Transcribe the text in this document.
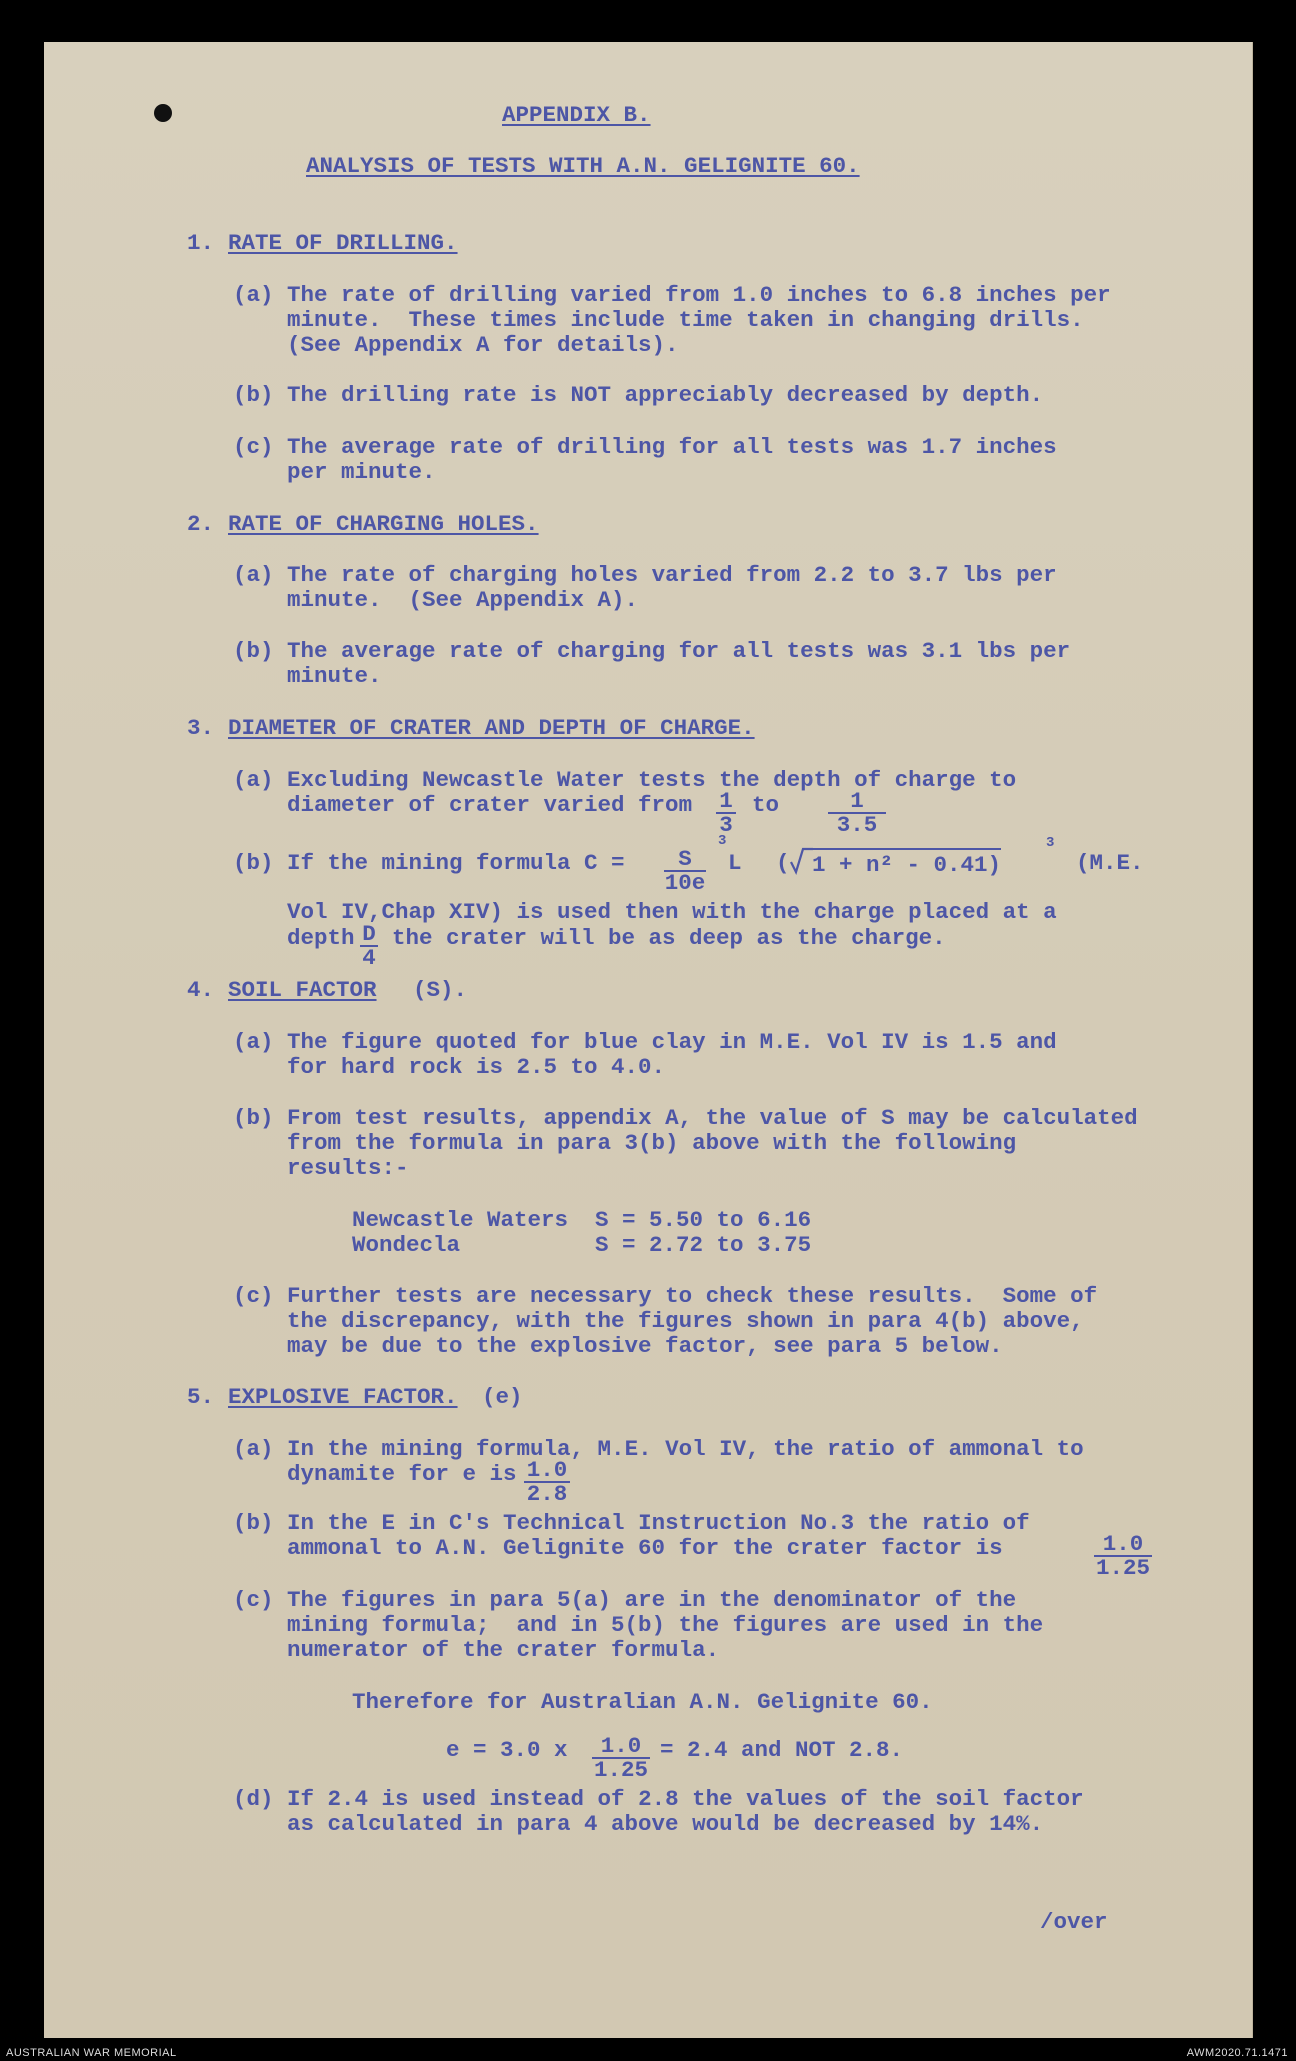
APPENDIX B.
ANALYSIS OF TESTS WITH A.N. GELIGNITE 60.
1. RATE OF DRILLING.
(a) The rate of drilling varied from 1.0 inches to 6.8 inches per
minute.  These times include time taken in changing drills.
(See Appendix A for details).
(b) The drilling rate is NOT appreciably decreased by depth.
(c) The average rate of drilling for all tests was 1.7 inches
per minute.
2. RATE OF CHARGING HOLES.
(a) The rate of charging holes varied from 2.2 to 3.7 lbs per
minute.  (See Appendix A).
(b) The average rate of charging for all tests was 3.1 lbs per
minute.
3. DIAMETER OF CRATER AND DEPTH OF CHARGE.
(a) Excluding Newcastle Water tests the depth of charge to
diameter of crater varied from $\frac{1}{3}$ to $\frac{1}{3.5}$
(b) If the mining formula $C = \frac{S}{10e}$
3
L ( 1 + n² - 0.41)
3
(M.E.
Vol IV,Chap XIV) is used then with the charge placed at a
depth $\frac{D}{4}$ the crater will be as deep as the charge.
4. SOIL FACTOR (S).
(a) The figure quoted for blue clay in M.E. Vol IV is 1.5 and
for hard rock is 2.5 to 4.0.
(b) From test results, appendix A, the value of S may be calculated
from the formula in para 3(b) above with the following
results:-
Newcastle Waters  S = 5.50 to 6.16
Wondecla          S = 2.72 to 3.75
(c) Further tests are necessary to check these results.  Some of
the discrepancy, with the figures shown in para 4(b) above,
may be due to the explosive factor, see para 5 below.
5. EXPLOSIVE FACTOR. (e)
(a) In the mining formula, M.E. Vol IV, the ratio of ammonal to
dynamite for e is $\frac{1.0}{2.8}$
(b) In the E in C's Technical Instruction No.3 the ratio of
ammonal to A.N. Gelignite 60 for the crater factor is	$\frac{1.0}{1.25}$
(c) The figures in para 5(a) are in the denominator of the
mining formula;  and in 5(b) the figures are used in the
numerator of the crater formula.
Therefore for Australian A.N. Gelignite 60.
e = 3.0 x $\frac{1.0}{1.25} = 2.4$ and NOT 2.8.
(d) If 2.4 is used instead of 2.8 the values of the soil factor
as calculated in para 4 above would be decreased by 14%.
/over
AUSTRALIAN WAR MEMORIAL	AWM2020.71.1471
